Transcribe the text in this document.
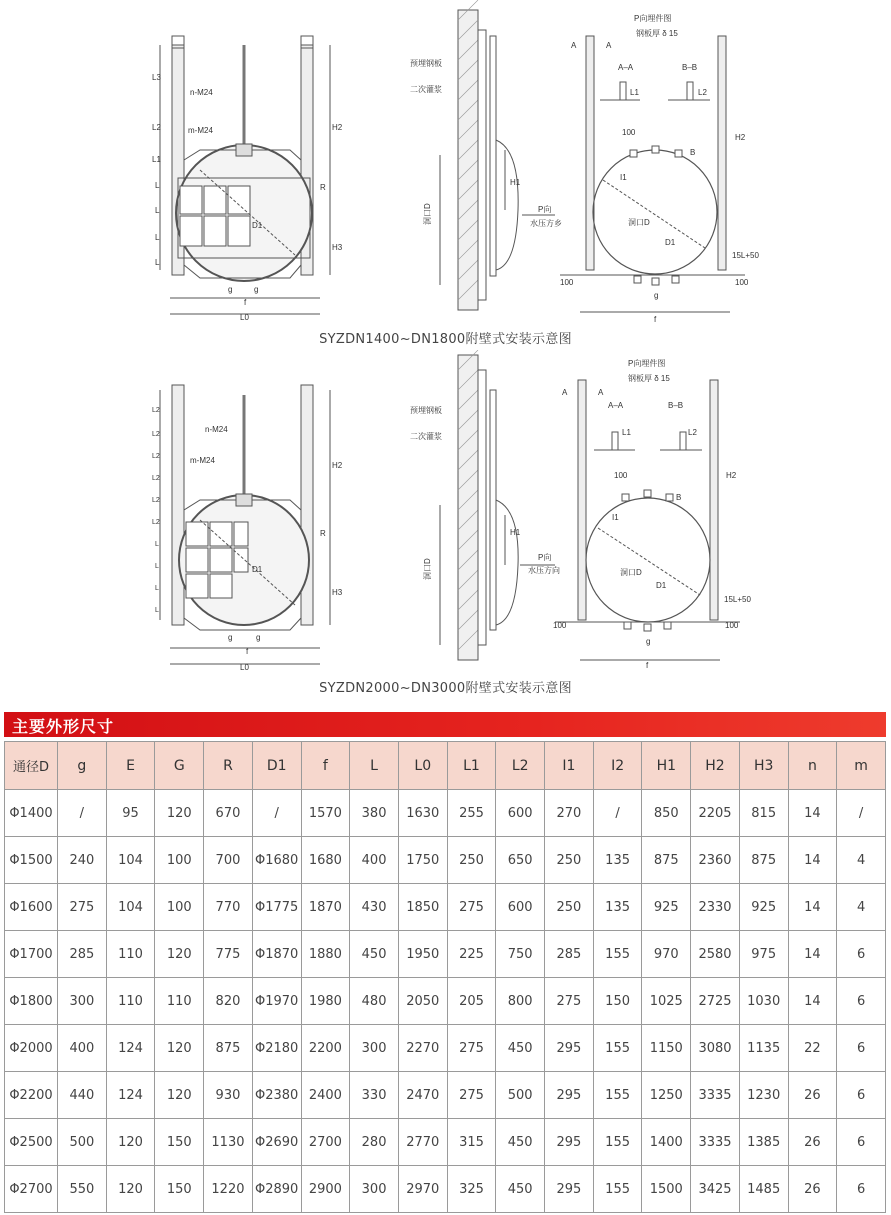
L3
L2
L1
L
L
L
L
n-M24
m-M24	H2
R
H3
D1
g	g
f
L0
预埋钢板
二次灌浆
H1
洞口D	P向
水压方乡
P向埋件图
钢板厚 δ 15
A	A
A–A	B–B
L1	L2
100
I1
B
D1
洞口D
H2
15L+50
100	100
g
f
SYZDN1400~DN1800附壁式安装示意图
L2
L2
L2
L2
L2
L2
L
L
L
L
n-M24
m-M24
H2
R
H3
D1
g	g
f
L0
预埋钢板
二次灌浆
H1
洞口D
P向
水压方向
P向埋件图
钢板厚 δ 15
A	A
A–A	B–B
L1	L2
100
I1
B
D1
洞口D
H2
15L+50
100	100
g
f
SYZDN2000~DN3000附壁式安装示意图
主要外形尺寸
通径D	g	E	G	R	D1	f	L	L0	L1	L2	I1	I2	H1	H2	H3	n	m
Φ1400	/	95	120	670	/	1570	380	1630	255	600	270	/	850	2205	815	14	/
Φ1500	240	104	100	700	Φ1680	1680	400	1750	250	650	250	135	875	2360	875	14	4
Φ1600	275	104	100	770	Φ1775	1870	430	1850	275	600	250	135	925	2330	925	14	4
Φ1700	285	110	120	775	Φ1870	1880	450	1950	225	750	285	155	970	2580	975	14	6
Φ1800	300	110	110	820	Φ1970	1980	480	2050	205	800	275	150	1025	2725	1030	14	6
Φ2000	400	124	120	875	Φ2180	2200	300	2270	275	450	295	155	1150	3080	1135	22	6
Φ2200	440	124	120	930	Φ2380	2400	330	2470	275	500	295	155	1250	3335	1230	26	6
Φ2500	500	120	150	1130	Φ2690	2700	280	2770	315	450	295	155	1400	3335	1385	26	6
Φ2700	550	120	150	1220	Φ2890	2900	300	2970	325	450	295	155	1500	3425	1485	26	6
